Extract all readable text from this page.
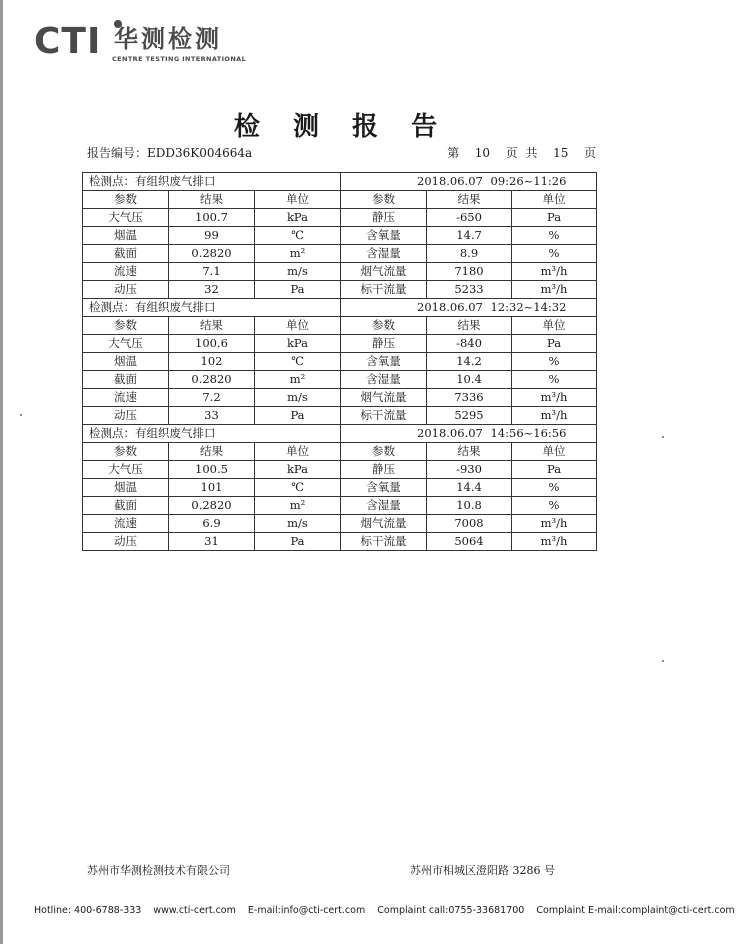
CTI 华测检测
CENTRE TESTING INTERNATIONAL
检 测 报 告
报告编号：EDD36K004664a	第  10  页 共  15  页
检测点：有组织废气排口			2018.06.07 09:26~11:26		
参数	结果	单位	参数	结果	单位
大气压	100.7	kPa	静压	-650	Pa
烟温	99	℃	含氧量	14.7	%
截面	0.2820	m²	含湿量	8.9	%
流速	7.1	m/s	烟气流量	7180	m³/h
动压	32	Pa	标干流量	5233	m³/h
检测点：有组织废气排口			2018.06.07 12:32~14:32		
参数	结果	单位	参数	结果	单位
大气压	100.6	kPa	静压	-840	Pa
烟温	102	℃	含氧量	14.2	%
截面	0.2820	m²	含湿量	10.4	%
流速	7.2	m/s	烟气流量	7336	m³/h
动压	33	Pa	标干流量	5295	m³/h
检测点：有组织废气排口			2018.06.07 14:56~16:56		
参数	结果	单位	参数	结果	单位
大气压	100.5	kPa	静压	-930	Pa
烟温	101	℃	含氧量	14.4	%
截面	0.2820	m²	含湿量	10.8	%
流速	6.9	m/s	烟气流量	7008	m³/h
动压	31	Pa	标干流量	5064	m³/h
苏州市华测检测技术有限公司	苏州市相城区澄阳路 3286 号
Hotline: 400-6788-333 www.cti-cert.com E-mail:info@cti-cert.com Complaint call:0755-33681700 Complaint E-mail:complaint@cti-cert.com
